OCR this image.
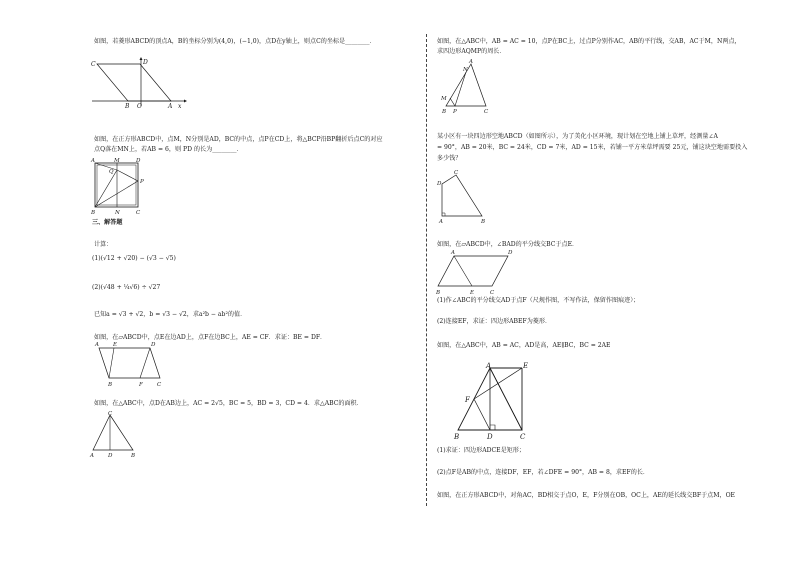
如图，若菱形ABCD的顶点A，B的坐标分别为(4,0)，(−1,0)，点D在y轴上，则点C的坐标是________．
C	D
B O	A x
如图，在正方形ABCD中，点M，N分别是AD，BC的中点，点P在CD上，将△BCP沿BP翻折后点C的对应
点Q落在MN上，若AB = 6，则 PD 的长为________．
A	M	D
Q
P
B	N	C
三、解答题
计算：
(1)(√12 + √20) − (√3 − √5)
(2)(√48 + ¼√6) ÷ √27
已知a = √3 + √2，b = √3 − √2，求a²b − ab²的值．
如图，在▱ABCD中，点E在边AD上，点F在边BC上，AE = CF．求证：BE = DF．
A	E	D
B	F	C
如图，在△ABC中，点D在AB边上，AC = 2√5，BC = 5，BD = 3，CD = 4．求△ABC的面积．
C
A	D	B
如图，在△ABC中，AB = AC = 10，点P在BC上，过点P分别作AC，AB的平行线，交AB，AC于M，N两点，
求四边形AQMP的周长．
A
M
N
B P	C
某小区有一块四边形空地ABCD（如图所示），为了美化小区环境，现计划在空地上铺上草坪，经测量∠A
= 90°，AB = 20米，BC = 24米，CD = 7米，AD = 15米，若铺一平方米草坪需要 25元，铺这块空地需要投入
多少钱？
C
D
A	B
如图，在▱ABCD中，∠BAD的平分线交BC于点E．
A	D
B	E	C
(1)作∠ABC的平分线交AD于点F（尺规作图，不写作法，保留作图痕迹）；
(2)连接EF，求证：四边形ABEF为菱形．
如图，在△ABC中，AB = AC，AD是高，AE∥BC，BC = 2AE
A	E
F
B	D	C
(1)求证：四边形ADCE是矩形；
(2)点F是AB的中点，连接DF，EF，若∠DFE = 90°，AB = 8，求EF的长．
如图，在正方形ABCD中，对角AC，BD相交于点O，E，F分别在OB，OC上，AE的延长线交BF于点M，OE
